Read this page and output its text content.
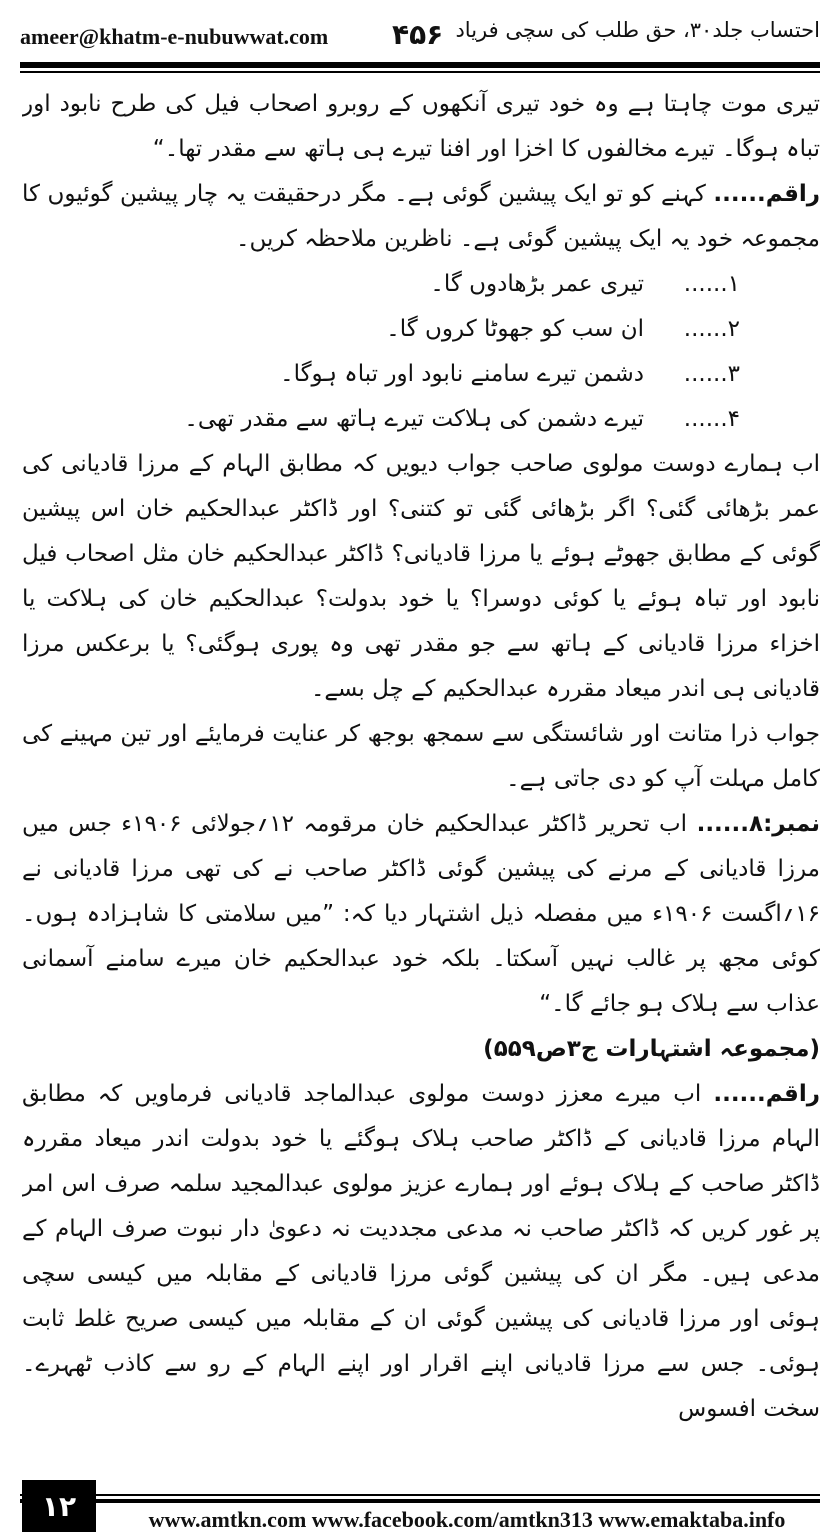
ameer@khatm-e-nubuwwat.com ۴۵۶ احتساب جلد۳۰، حق طلب کی سچی فریاد

تیری موت چاہتا ہے وہ خود تیری آنکھوں کے روبرو اصحاب فیل کی طرح نابود اور تباہ ہوگا۔ تیرے مخالفوں کا اخزا اور افنا تیرے ہی ہاتھ سے مقدر تھا۔“

راقم...... کہنے کو تو ایک پیشین گوئی ہے۔ مگر درحقیقت یہ چار پیشین گوئیوں کا مجموعہ خود یہ ایک پیشین گوئی ہے۔ ناظرین ملاحظہ کریں۔

۱......
تیری عمر بڑھادوں گا۔
۲......
ان سب کو جھوٹا کروں گا۔
۳......
دشمن تیرے سامنے نابود اور تباہ ہوگا۔
۴......
تیرے دشمن کی ہلاکت تیرے ہاتھ سے مقدر تھی۔

اب ہمارے دوست مولوی صاحب جواب دیویں کہ مطابق الہام کے مرزا قادیانی کی عمر بڑھائی گئی؟ اگر بڑھائی گئی تو کتنی؟ اور ڈاکٹر عبدالحکیم خان اس پیشین گوئی کے مطابق جھوٹے ہوئے یا مرزا قادیانی؟ ڈاکٹر عبدالحکیم خان مثل اصحاب فیل نابود اور تباہ ہوئے یا کوئی دوسرا؟ یا خود بدولت؟ عبدالحکیم خان کی ہلاکت یا اخزاء مرزا قادیانی کے ہاتھ سے جو مقدر تھی وہ پوری ہوگئی؟ یا برعکس مرزا قادیانی ہی اندر میعاد مقررہ عبدالحکیم کے چل بسے۔

جواب ذرا متانت اور شائستگی سے سمجھ بوجھ کر عنایت فرمایئے اور تین مہینے کی کامل مہلت آپ کو دی جاتی ہے۔

نمبر:۸...... اب تحریر ڈاکٹر عبدالحکیم خان مرقومہ ۱۲؍جولائی ۱۹۰۶ء جس میں مرزا قادیانی کے مرنے کی پیشین گوئی ڈاکٹر صاحب نے کی تھی مرزا قادیانی نے ۱۶؍اگست ۱۹۰۶ء میں مفصلہ ذیل اشتہار دیا کہ: ”میں سلامتی کا شاہزادہ ہوں۔ کوئی مجھ پر غالب نہیں آسکتا۔ بلکہ خود عبدالحکیم خان میرے سامنے آسمانی عذاب سے ہلاک ہو جائے گا۔“

(مجموعہ اشتہارات ج۳ص۵۵۹)

راقم...... اب میرے معزز دوست مولوی عبدالماجد قادیانی فرماویں کہ مطابق الہام مرزا قادیانی کے ڈاکٹر صاحب ہلاک ہوگئے یا خود بدولت اندر میعاد مقررہ ڈاکٹر صاحب کے ہلاک ہوئے اور ہمارے عزیز مولوی عبدالمجید سلمہ صرف اس امر پر غور کریں کہ ڈاکٹر صاحب نہ مدعی مجددیت نہ دعویٰ دار نبوت صرف الہام کے مدعی ہیں۔ مگر ان کی پیشین گوئی مرزا قادیانی کے مقابلہ میں کیسی سچی ہوئی اور مرزا قادیانی کی پیشین گوئی ان کے مقابلہ میں کیسی صریح غلط ثابت ہوئی۔ جس سے مرزا قادیانی اپنے اقرار اور اپنے الہام کے رو سے کاذب ٹھہرے۔ سخت افسوس

۱۲	www.amtkn.com www.facebook.com/amtkn313 www.emaktaba.info
